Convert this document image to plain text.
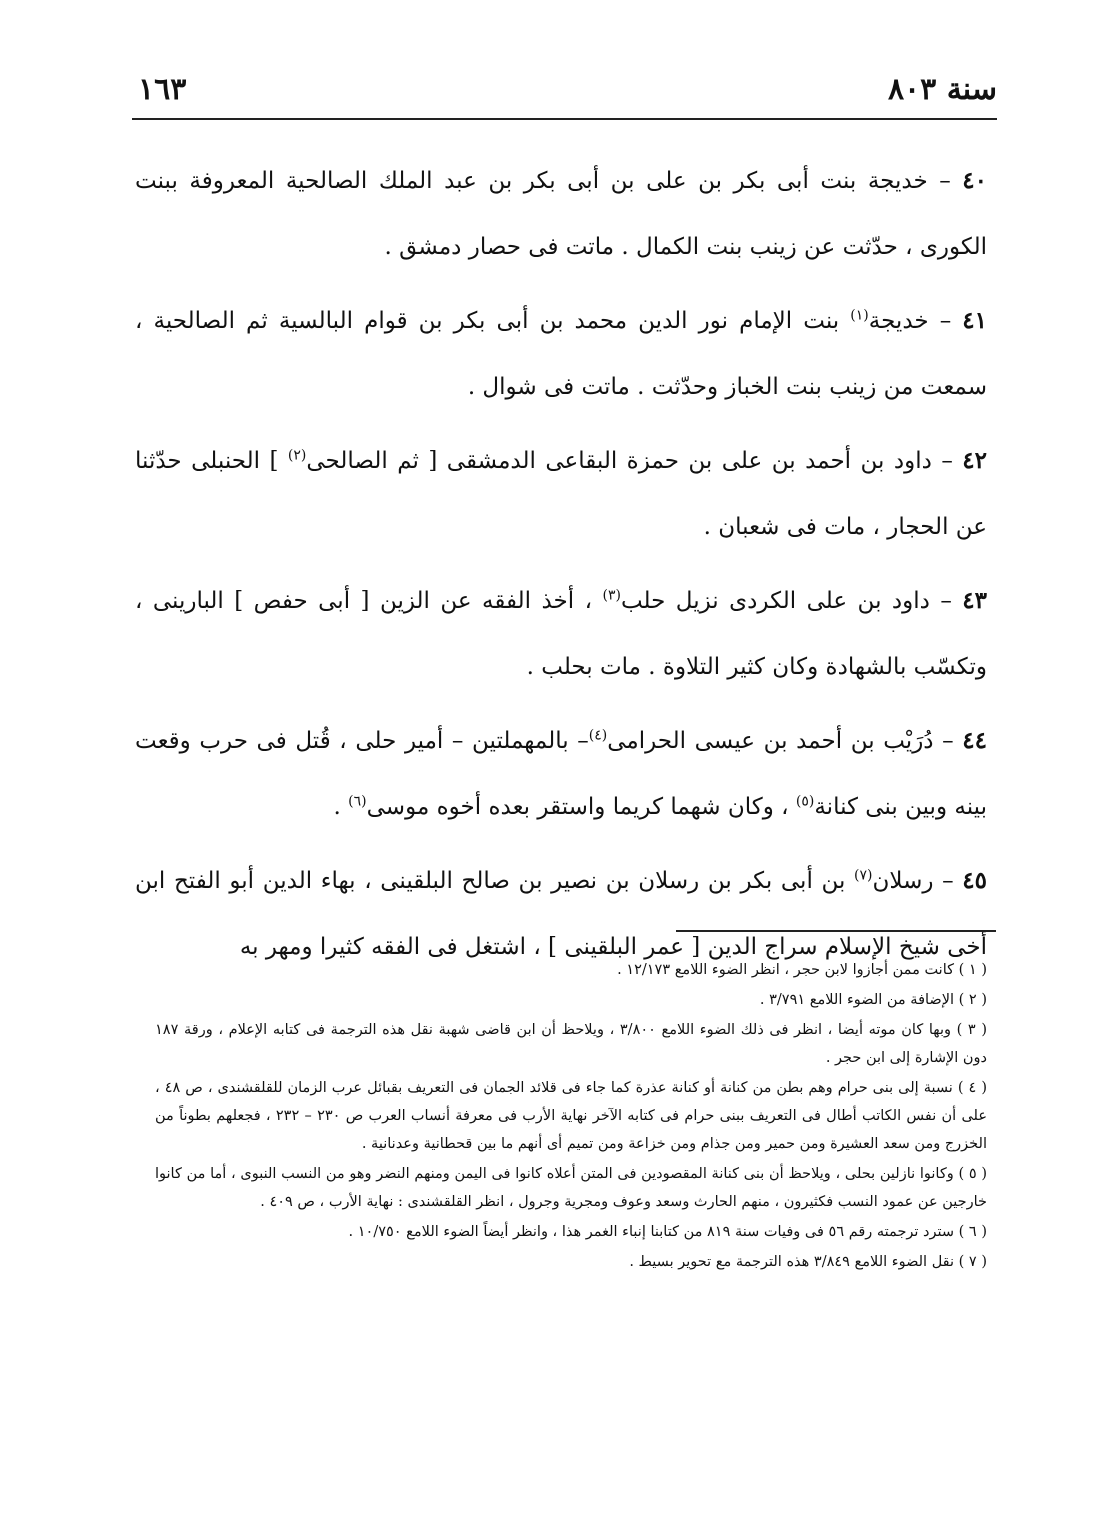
سنة ٨٠٣
١٦٣

٤٠ – خديجة بنت أبى بكر بن على بن أبى بكر بن عبد الملك الصالحية المعروفة ببنت الكورى ، حدّثت عن زينب بنت الكمال . ماتت فى حصار دمشق .

٤١ – خديجة$^{(١)}$ بنت الإمام نور الدين محمد بن أبى بكر بن قوام البالسية ثم الصالحية ، سمعت من زينب بنت الخباز وحدّثت . ماتت فى شوال .

٤٢ – داود بن أحمد بن على بن حمزة البقاعى الدمشقى [ ثم الصالحى$^{(٢)}$ ] الحنبلى حدّثنا عن الحجار ، مات فى شعبان .

٤٣ – داود بن على الكردى نزيل حلب$^{(٣)}$ ، أخذ الفقه عن الزين [ أبى حفص ] البارينى ، وتكسّب بالشهادة وكان كثير التلاوة . مات بحلب .

٤٤ – دُرَيْب بن أحمد بن عيسى الحرامى$^{(٤)}$– بالمهملتين – أمير حلى ، قُتل فى حرب وقعت بينه وبين بنى كنانة$^{(٥)}$ ، وكان شهما كريما واستقر بعده أخوه موسى$^{(٦)}$ .

٤٥ – رسلان$^{(٧)}$ بن أبى بكر بن رسلان بن نصير بن صالح البلقينى ، بهاء الدين أبو الفتح ابن أخى شيخ الإسلام سراج الدين [ عمر البلقينى ] ، اشتغل فى الفقه كثيرا ومهر به

( ١ ) كانت ممن أجازوا لابن حجر ، انظر الضوء اللامع ١٢/١٧٣ .

( ٢ ) الإضافة من الضوء اللامع ٣/٧٩١ .

( ٣ ) وبها كان موته أيضا ، انظر فى ذلك الضوء اللامع ٣/٨٠٠ ، ويلاحظ أن ابن قاضى شهبة نقل هذه الترجمة فى كتابه الإعلام ، ورقة ١٨٧ دون الإشارة إلى ابن حجر .

( ٤ ) نسبة إلى بنى حرام وهم بطن من كنانة أو كنانة عذرة كما جاء فى قلائد الجمان فى التعريف بقبائل عرب الزمان للقلقشندى ، ص ٤٨ ، على أن نفس الكاتب أطال فى التعريف ببنى حرام فى كتابه الآخر نهاية الأرب فى معرفة أنساب العرب ص ٢٣٠ – ٢٣٢ ، فجعلهم بطوناً من الخزرج ومن سعد العشيرة ومن حمير ومن جذام ومن خزاعة ومن تميم أى أنهم ما بين قحطانية وعدنانية .

( ٥ ) وكانوا نازلين بحلى ، ويلاحظ أن بنى كنانة المقصودين فى المتن أعلاه كانوا فى اليمن ومنهم النضر وهو من النسب النبوى ، أما من كانوا خارجين عن عمود النسب فكثيرون ، منهم الحارث وسعد وعوف ومجرية وجرول ، انظر القلقشندى : نهاية الأرب ، ص ٤٠٩ .

( ٦ ) سترد ترجمته رقم ٥٦ فى وفيات سنة ٨١٩ من كتابنا إنباء الغمر هذا ، وانظر أيضاً الضوء اللامع ١٠/٧٥٠ .

( ٧ ) نقل الضوء اللامع ٣/٨٤٩ هذه الترجمة مع تحوير بسيط .
